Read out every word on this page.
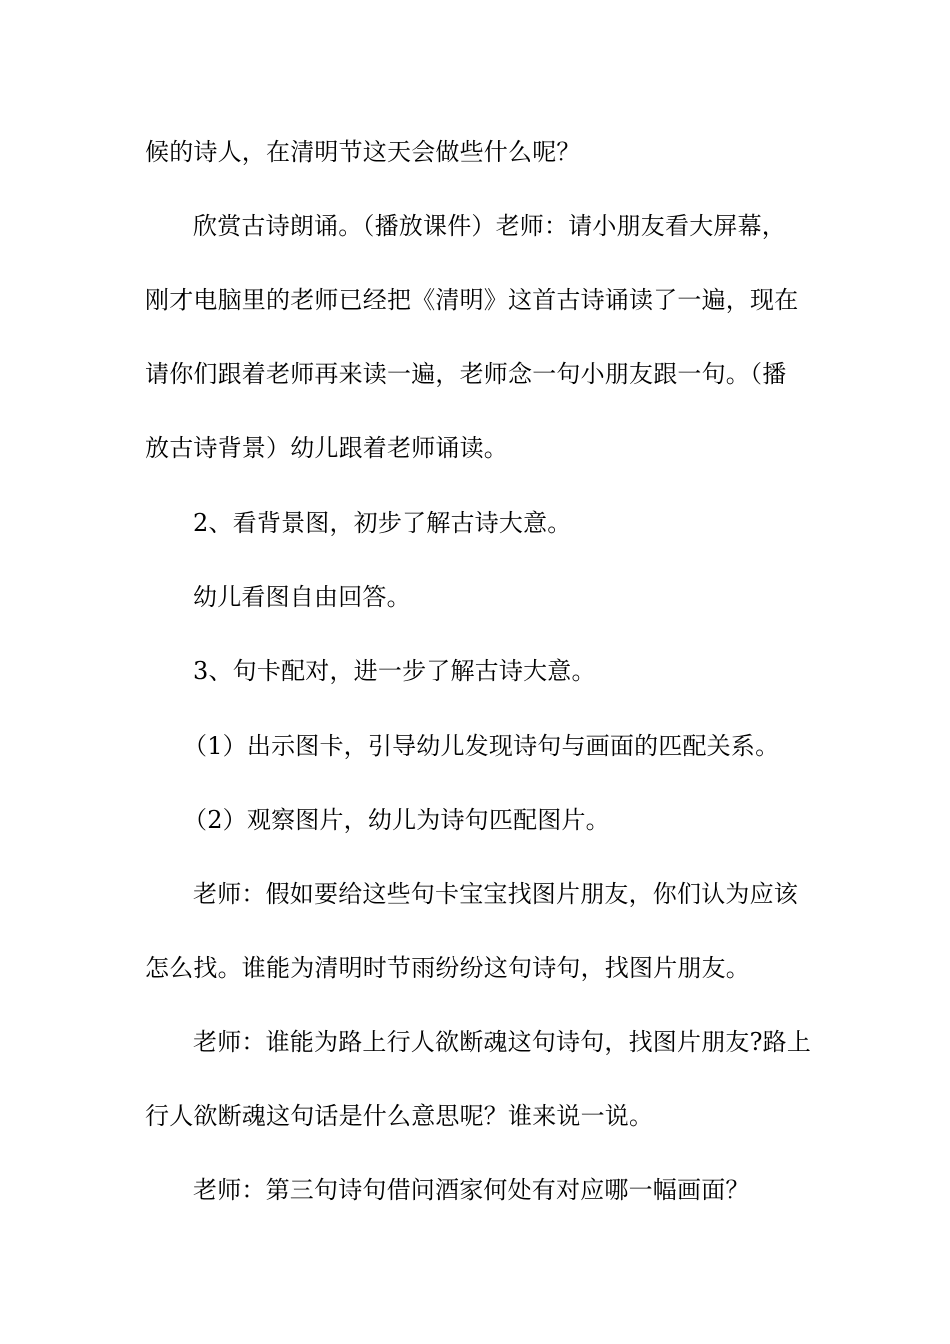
候的诗人，在清明节这天会做些什么呢？
欣赏古诗朗诵。（播放课件）老师：请小朋友看大屏幕，
刚才电脑里的老师已经把《清明》这首古诗诵读了一遍，现在
请你们跟着老师再来读一遍，老师念一句小朋友跟一句。（播
放古诗背景）幼儿跟着老师诵读。
2、看背景图，初步了解古诗大意。
幼儿看图自由回答。
3、句卡配对，进一步了解古诗大意。
（1）出示图卡，引导幼儿发现诗句与画面的匹配关系。
（2）观察图片，幼儿为诗句匹配图片。
老师：假如要给这些句卡宝宝找图片朋友，你们认为应该
怎么找。谁能为清明时节雨纷纷这句诗句，找图片朋友。
老师：谁能为路上行人欲断魂这句诗句，找图片朋友?路上
行人欲断魂这句话是什么意思呢？谁来说一说。
老师：第三句诗句借问酒家何处有对应哪一幅画面？
